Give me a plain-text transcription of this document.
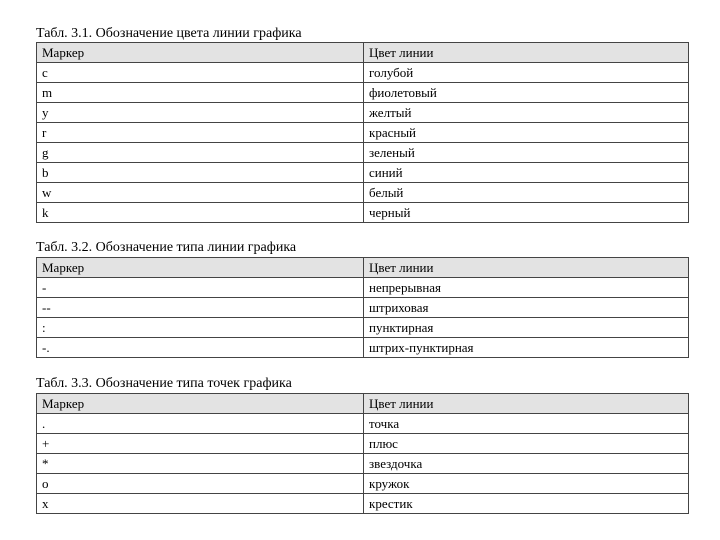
Табл. 3.1. Обозначение цвета линии графика
Маркер	Цвет линии
c	голубой
m	фиолетовый
y	желтый
r	красный
g	зеленый
b	синий
w	белый
k	черный
Табл. 3.2. Обозначение типа линии графика
Маркер	Цвет линии
-	непрерывная
--	штриховая
:	пунктирная
-.	штрих-пунктирная
Табл. 3.3. Обозначение типа точек графика
Маркер	Цвет линии
.	точка
+	плюс
*	звездочка
o	кружок
x	крестик
